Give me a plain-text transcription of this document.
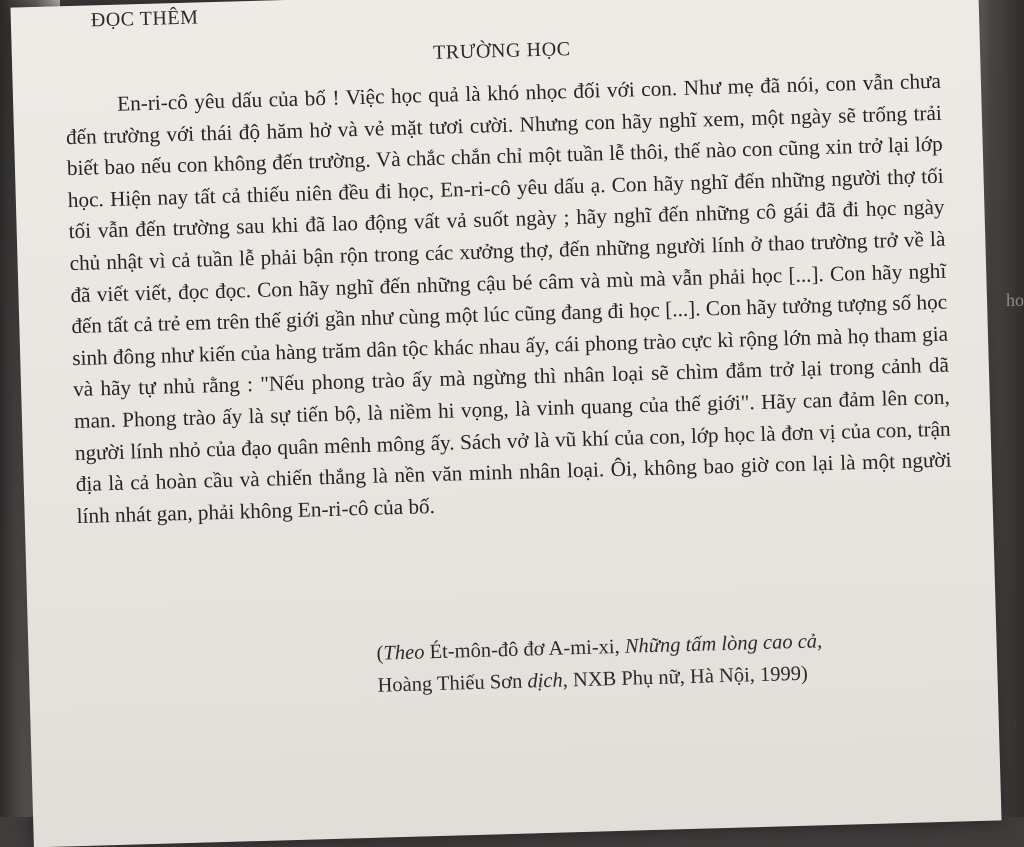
ĐỌC THÊM
TRƯỜNG HỌC

En-ri-cô yêu dấu của bố ! Việc học quả là khó nhọc đối với con. Như mẹ đã nói, con vẫn chưa đến trường với thái độ hăm hở và vẻ mặt tươi cười. Nhưng con hãy nghĩ xem, một ngày sẽ trống trải biết bao nếu con không đến trường. Và chắc chắn chỉ một tuần lễ thôi, thế nào con cũng xin trở lại lớp học. Hiện nay tất cả thiếu niên đều đi học, En-ri-cô yêu dấu ạ. Con hãy nghĩ đến những người thợ tối tối vẫn đến trường sau khi đã lao động vất vả suốt ngày ; hãy nghĩ đến những cô gái đã đi học ngày chủ nhật vì cả tuần lễ phải bận rộn trong các xưởng thợ, đến những người lính ở thao trường trở về là đã viết viết, đọc đọc. Con hãy nghĩ đến những cậu bé câm và mù mà vẫn phải học [...]. Con hãy nghĩ đến tất cả trẻ em trên thế giới gần như cùng một lúc cũng đang đi học [...]. Con hãy tưởng tượng số học sinh đông như kiến của hàng trăm dân tộc khác nhau ấy, cái phong trào cực kì rộng lớn mà họ tham gia và hãy tự nhủ rằng : "Nếu phong trào ấy mà ngừng thì nhân loại sẽ chìm đắm trở lại trong cảnh dã man. Phong trào ấy là sự tiến bộ, là niềm hi vọng, là vinh quang của thế giới". Hãy can đảm lên con, người lính nhỏ của đạo quân mênh mông ấy. Sách vở là vũ khí của con, lớp học là đơn vị của con, trận địa là cả hoàn cầu và chiến thắng là nền văn minh nhân loại. Ôi, không bao giờ con lại là một người lính nhát gan, phải không En-ri-cô của bố.

(Theo Ét-môn-đô đơ A-mi-xi, Những tấm lòng cao cả,
Hoàng Thiếu Sơn dịch, NXB Phụ nữ, Hà Nội, 1999)
ho
9
